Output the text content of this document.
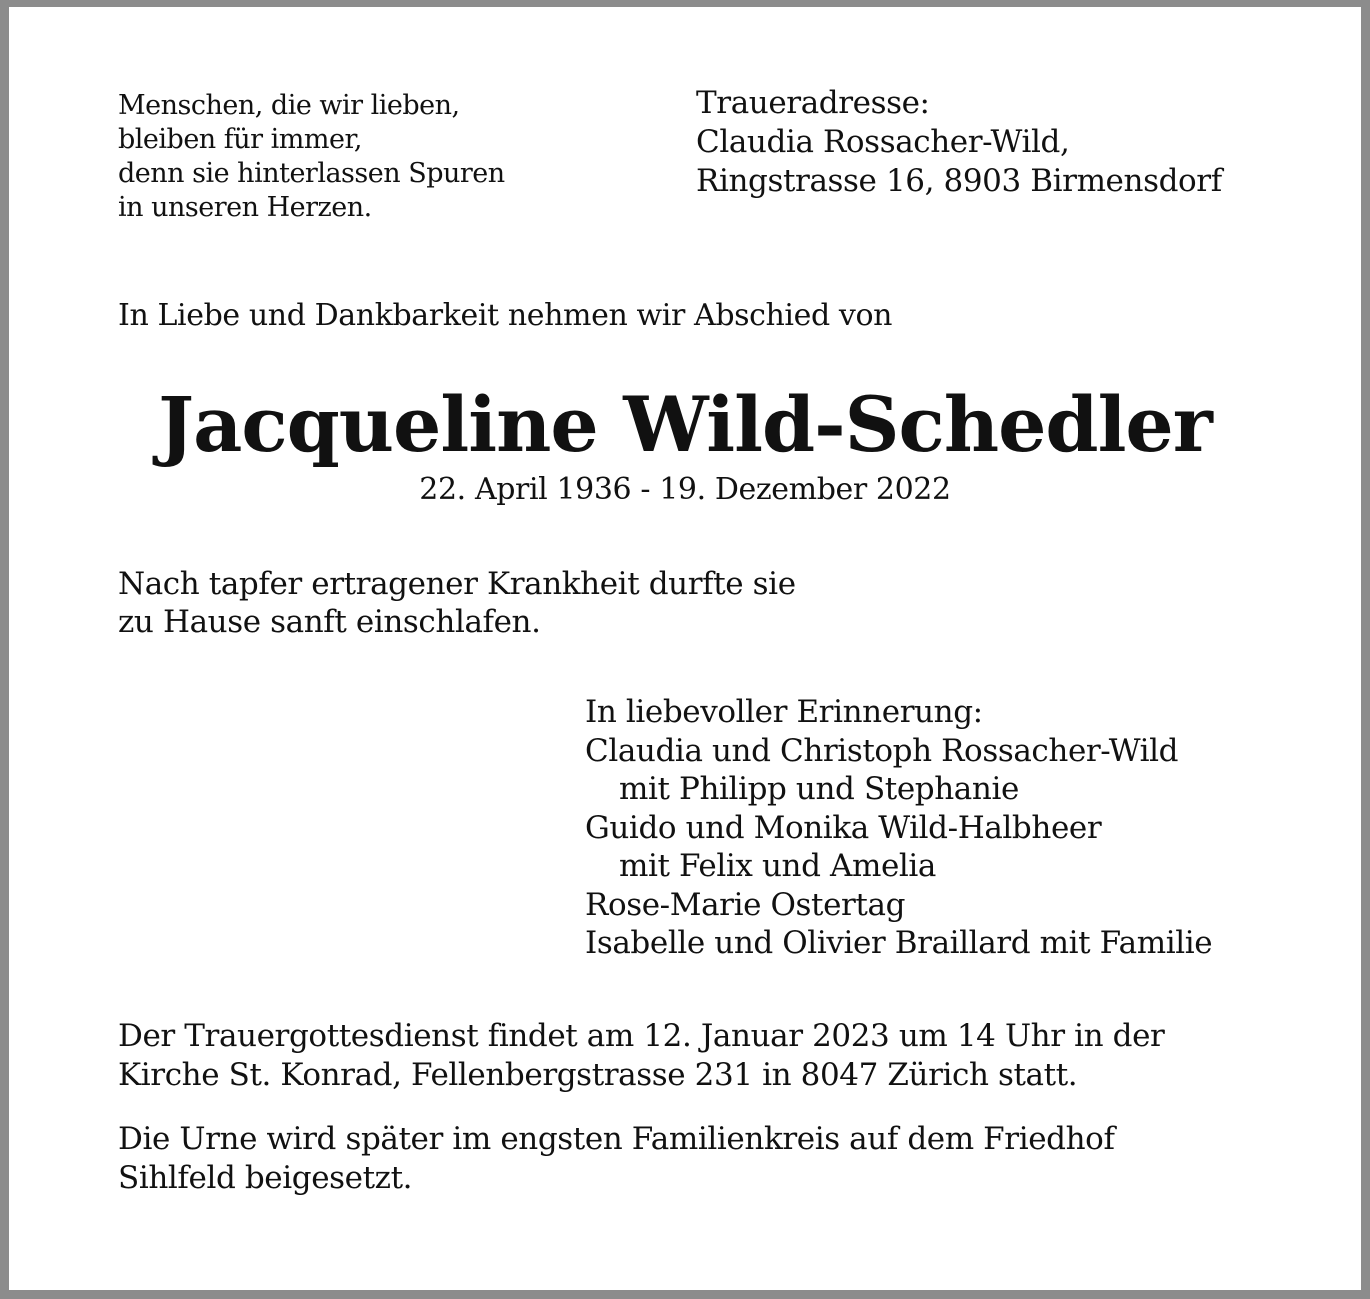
Menschen, die wir lieben,
bleiben für immer,
denn sie hinterlassen Spuren
in unseren Herzen.
Traueradresse:
Claudia Rossacher-Wild,
Ringstrasse 16, 8903 Birmensdorf
In Liebe und Dankbarkeit nehmen wir Abschied von
Jacqueline Wild-Schedler
22. April 1936 - 19. Dezember 2022
Nach tapfer ertragener Krankheit durfte sie
zu Hause sanft einschlafen.
In liebevoller Erinnerung:
Claudia und Christoph Rossacher-Wild
mit Philipp und Stephanie
Guido und Monika Wild-Halbheer
mit Felix und Amelia
Rose-Marie Ostertag
Isabelle und Olivier Braillard mit Familie
Der Trauergottesdienst findet am 12. Januar 2023 um 14 Uhr in der
Kirche St. Konrad, Fellenbergstrasse 231 in 8047 Zürich statt.
Die Urne wird später im engsten Familienkreis auf dem Friedhof
Sihlfeld beigesetzt.
